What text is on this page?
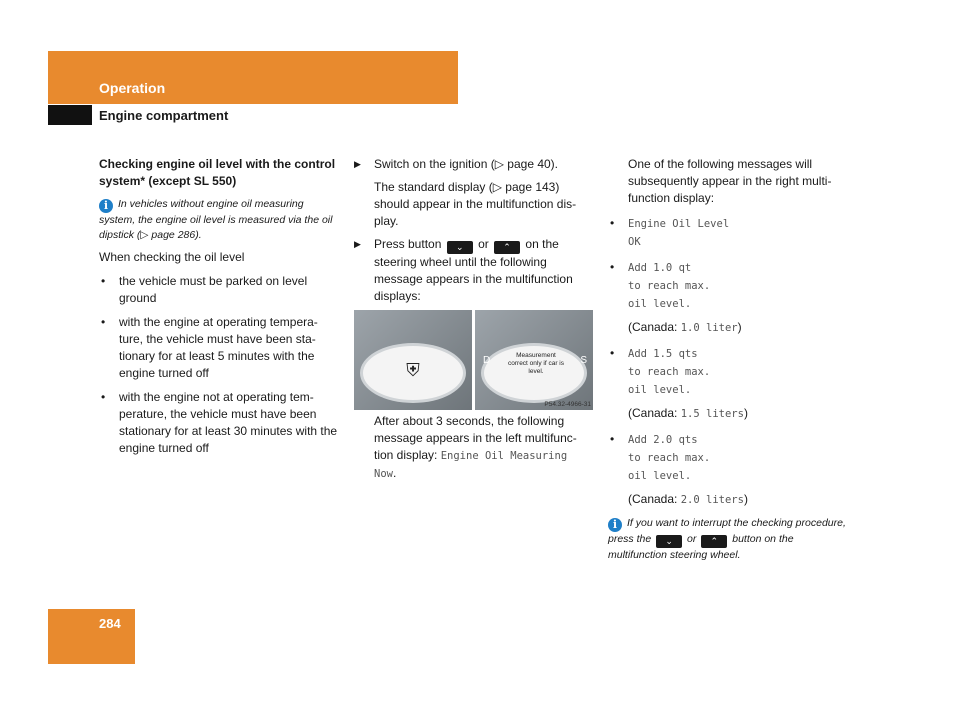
Operation
Engine compartment

Checking engine oil level with the control system* (except SL 550)

i In vehicles without engine oil measuring system, the engine oil level is measured via the oil dipstick (▷ page 286).

When checking the oil level

• the vehicle must be parked on level ground
• with the engine at operating tempera-ture, the vehicle must have been sta-tionary for at least 5 minutes with the engine turned off
• with the engine not at operating tem-perature, the vehicle must have been stationary for at least 30 minutes with the engine turned off

▶ Switch on the ignition (▷ page 40).

The standard display (▷ page 143) should appear in the multifunction dis-play.

▶ Press button ⌄ or ⌃ on the steering wheel until the following message appears in the multifunction displays:

⛨
Measurement correct only if car is level.
D	S
P54.32-4966-31

After about 3 seconds, the following message appears in the left multifunc-tion display: Engine Oil Measuring Now.

One of the following messages will subsequently appear in the right multi-function display:

• Engine Oil Level
OK
• Add 1.0 qt
to reach max.
oil level.
(Canada: 1.0 liter)
• Add 1.5 qts
to reach max.
oil level.
(Canada: 1.5 liters)
• Add 2.0 qts
to reach max.
oil level.
(Canada: 2.0 liters)

i If you want to interrupt the checking procedure, press the ⌄ or ⌃ button on the multifunction steering wheel.

284
